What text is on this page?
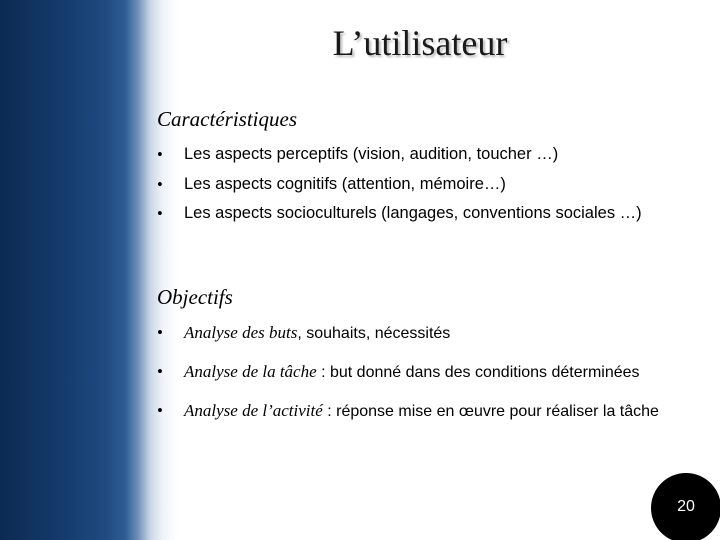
L’utilisateur
Caractéristiques
• Les aspects perceptifs (vision, audition, toucher …)
• Les aspects cognitifs (attention, mémoire…)
• Les aspects socioculturels (langages, conventions sociales …)
Objectifs
• Analyse des buts, souhaits, nécessités
• Analyse de la tâche : but donné dans des conditions déterminées
• Analyse de l’activité : réponse mise en œuvre pour réaliser la tâche
20
